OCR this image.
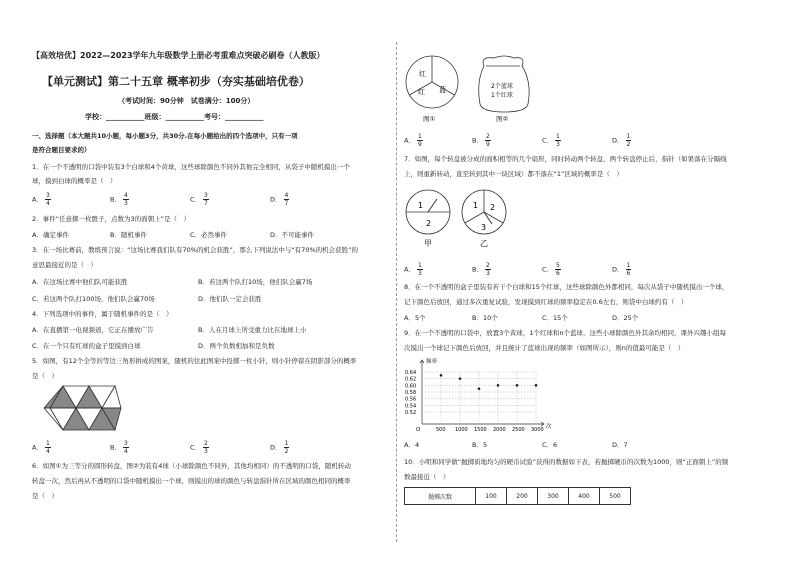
【高效培优】2022—2023学年九年级数学上册必考重难点突破必刷卷（人教版）
【单元测试】第二十五章 概率初步（夯实基础培优卷）
（考试时间：90分钟　试卷满分：100分）
学校：___________班级：___________考号：___________
一、选择题（本大题共10小题，每小题3分，共30分.在每小题给出的四个选项中，只有一项
是符合题目要求的）
1．在一个不透明的口袋中装有3个白球和4个黄球，这些球除颜色不同外其他完全相同，从袋子中随机摸出一个
球，摸到白球的概率是（　）
A． $\frac{3}{4}$	B． $\frac{4}{3}$	C． $\frac{3}{7}$	D． $\frac{4}{7}$
2．事件“任意掷一枚骰子，点数为3的面朝上”是（　）
A．确定事件	B．随机事件	C．必然事件	D．不可能事件
3．在一场比赛前，教练预言说：“这场比赛我们队有70%的机会获胜”，那么下列说法中与“有70%的机会获胜”的
意思最接近的是（　）
A．在这场比赛中他们队可能获胜	B．若这两个队打10场，他们队会赢7场
C．若这两个队打100场，他们队会赢70场	D．他们队一定会获胜
4．下列选项中的事件，属于随机事件的是（　）
A．在直播第一电视频道，它正在播放广告	B．人在月球上所受重力比在地球上小
C．在一个只有红球的盒子里摸到白球	D．两个负数相加和是负数
5．如图，有12个全等的等边三角形拼成的图案，随机的往此图案中投掷一枚小针，则小针停留在阴影部分的概率
是（　）
A． $\frac{1}{4}$	B． $\frac{3}{4}$	C． $\frac{2}{3}$	D． $\frac{1}{2}$
6．如图①为三等分的圆形转盘，图②为装有4球（小球除颜色不同外，其他均相同）的不透明的口袋，随机转动
转盘一次，然后再从不透明的口袋中随机摸出一个球，则摸出的球的颜色与转盘指针所在区域的颜色相同的概率
是（　）
红
红 蓝
图①
2个蓝球
1个红球
图②
A． $\frac{1}{9}$	B． $\frac{2}{9}$	C． $\frac{1}{3}$	D． $\frac{1}{2}$
7．如图，每个转盘被分成的面积相等的几个扇形，同时转动两个转盘，两个转盘停止后，指针（如果落在分隔线
上，则重新转动，直至转到其中一块区域）都不落在“1”区域的概率是（　）
1
2
甲
1 2
3
乙
A． $\frac{1}{3}$	B． $\frac{2}{3}$	C． $\frac{5}{6}$	D． $\frac{1}{6}$
8．在一个不透明的盒子里装有若干个白球和15个红球，这些球除颜色外都相同，每次从袋子中随机摸出一个球，
记下颜色后放回，通过多次重复试验，发现摸到红球的频率稳定在0.6左右，则袋中白球约有（　）
A．5个	B．10个	C．15个	D．25个
9．在一个不透明的口袋中，放置3个黄球，1个红球和n个蓝球，这些小球除颜色外其余均相同，课外兴趣小组每
次摸出一个球记下颜色后放回，并且统计了蓝球出现的频率（如图所示），则n的值最可能是（　）
频率
次
O
0.64
0.62
0.60
0.58
0.56
0.54
0.52
500 1000 1500 2000 2500 3000
A．4	B．5	C．6	D．7
10．小明和同学做“抛掷质地均匀的硬币试验”获得的数据如下表，若抛掷硬币的次数为1000，则“正面朝上”的频
数最接近（　）
抛掷次数	100	200	300	400	500
